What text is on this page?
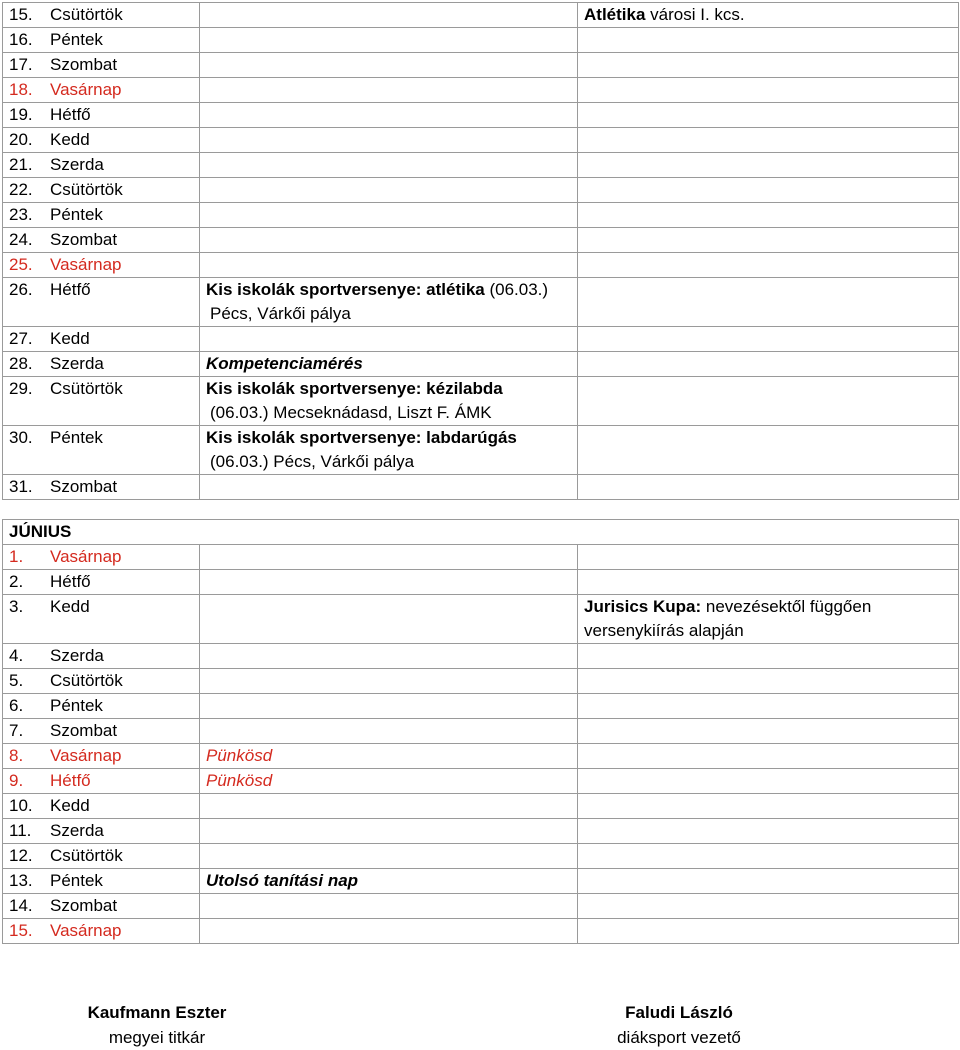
15. Csütörtök		Atlétika városi I. kcs.

16. Péntek		
17. Szombat		
18. Vasárnap		
19. Hétfő		
20. Kedd		
21. Szerda		
22. Csütörtök		
23. Péntek		
24. Szombat		
25. Vasárnap		
26. Hétfő	Kis iskolák sportversenye: atlétika (06.03.)
Pécs, Várkői pálya	

27. Kedd		
28. Szerda	Kompetenciamérés	
29. Csütörtök	Kis iskolák sportversenye: kézilabda
(06.03.) Mecseknádasd, Liszt F. ÁMK	

30. Péntek	Kis iskolák sportversenye: labdarúgás
(06.03.) Pécs, Várkői pálya	

31. Szombat		
JÚNIUS		
1. Vasárnap		
2. Hétfő		
3. Kedd		Jurisics Kupa: nevezésektől függően
versenykiírás alapján

4. Szerda		
5. Csütörtök		
6. Péntek		
7. Szombat		
8. Vasárnap	Pünkösd	
9. Hétfő	Pünkösd	
10. Kedd		
11. Szerda		
12. Csütörtök		
13. Péntek	Utolsó tanítási nap	
14. Szombat		
15. Vasárnap		
Kaufmann Eszter
megyei titkár
Faludi László
diáksport vezető
